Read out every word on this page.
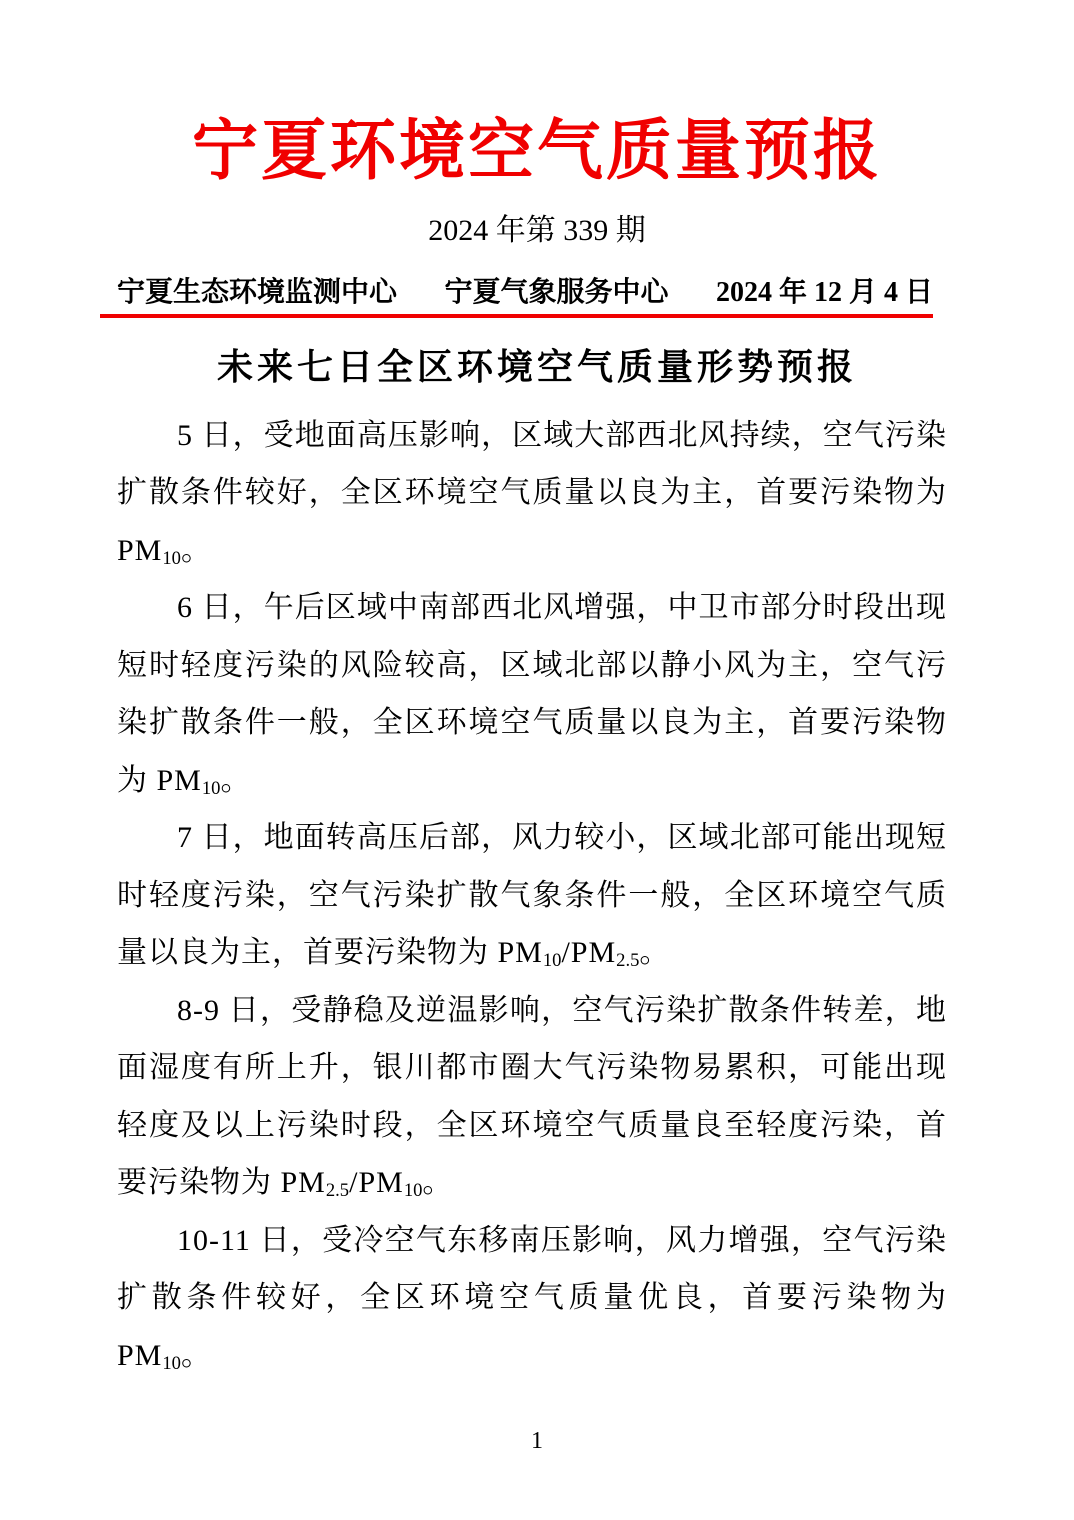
宁夏环境空气质量预报
2024 年第 339 期
宁夏生态环境监测中心 宁夏气象服务中心 2024 年 12 月 4 日
未来七日全区环境空气质量形势预报

5 日，受地面高压影响，区域大部西北风持续，空气污染扩散条件较好，全区环境空气质量以良为主，首要污染物为 $PM_{10}$。

6 日，午后区域中南部西北风增强，中卫市部分时段出现短时轻度污染的风险较高，区域北部以静小风为主，空气污染扩散条件一般，全区环境空气质量以良为主，首要污染物为 $PM_{10}$。

7 日，地面转高压后部，风力较小，区域北部可能出现短时轻度污染，空气污染扩散气象条件一般，全区环境空气质量以良为主，首要污染物为 $PM_{10}/PM_{2.5}$。

8-9 日，受静稳及逆温影响，空气污染扩散条件转差，地面湿度有所上升，银川都市圈大气污染物易累积，可能出现轻度及以上污染时段，全区环境空气质量良至轻度污染，首要污染物为 $PM_{2.5}/PM_{10}$。

10-11 日，受冷空气东移南压影响，风力增强，空气污染扩散条件较好，全区环境空气质量优良，首要污染物为 $PM_{10}$。

1
